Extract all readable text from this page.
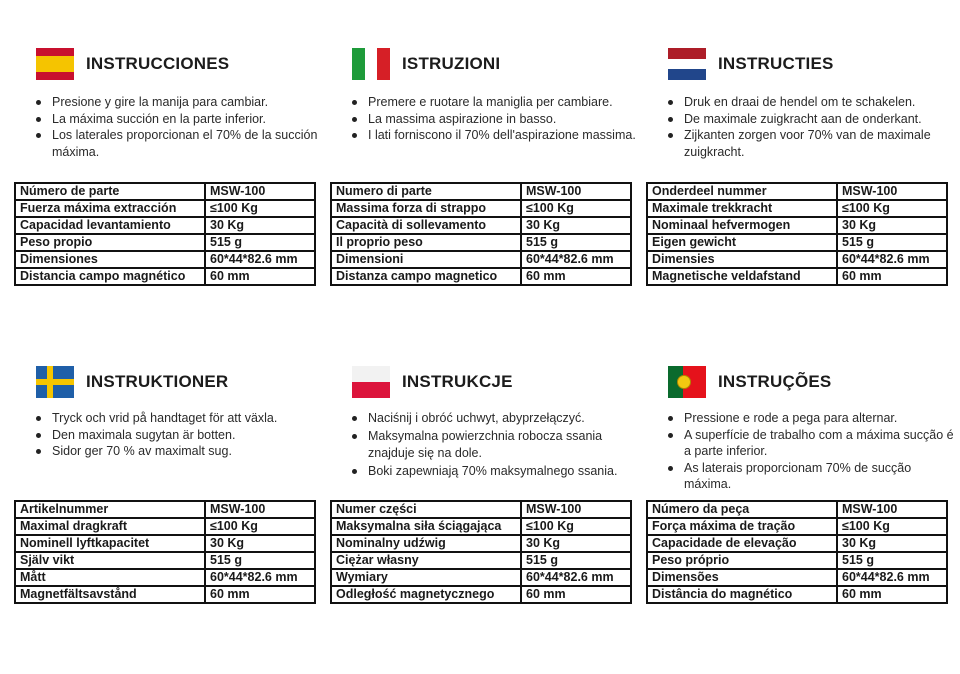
INSTRUCCIONES
Presione y gire la manija para cambiar.
La máxima succión en la parte inferior.
Los laterales proporcionan el 70% de la succión máxima.
Número de parte	MSW-100
Fuerza máxima extracción	≤100 Kg
Capacidad levantamiento	30 Kg
Peso propio	515 g
Dimensiones	60*44*82.6 mm
Distancia campo magnético	60 mm
ISTRUZIONI
Premere e ruotare la maniglia per cambiare.
La massima aspirazione in basso.
I lati forniscono il 70% dell'aspirazione massima.
Numero di parte	MSW-100
Massima forza di strappo	≤100 Kg
Capacità di sollevamento	30 Kg
Il proprio peso	515 g
Dimensioni	60*44*82.6 mm
Distanza campo magnetico	60 mm
INSTRUCTIES
Druk en draai de hendel om te schakelen.
De maximale zuigkracht aan de onderkant.
Zijkanten zorgen voor 70% van de maximale zuigkracht.
Onderdeel nummer	MSW-100
Maximale trekkracht	≤100 Kg
Nominaal hefvermogen	30 Kg
Eigen gewicht	515 g
Dimensies	60*44*82.6 mm
Magnetische veldafstand	60 mm
INSTRUKTIONER
Tryck och vrid på handtaget för att växla.
Den maximala sugytan är botten.
Sidor ger 70 % av maximalt sug.
Artikelnummer	MSW-100
Maximal dragkraft	≤100 Kg
Nominell lyftkapacitet	30 Kg
Själv vikt	515 g
Mått	60*44*82.6 mm
Magnetfältsavstånd	60 mm
INSTRUKCJE
Naciśnij i obróć uchwyt, abyprzełączyć.
Maksymalna powierzchnia robocza ssania znajduje się na dole.
Boki zapewniają 70% maksymalnego ssania.
Numer części	MSW-100
Maksymalna siła ściągająca	≤100 Kg
Nominalny udźwig	30 Kg
Ciężar własny	515 g
Wymiary	60*44*82.6 mm
Odległość magnetycznego	60 mm
INSTRUÇÕES
Pressione e rode a pega para alternar.
A superfície de trabalho com a máxima sucção é a parte inferior.
As laterais proporcionam 70% de sucção máxima.
Número da peça	MSW-100
Força máxima de tração	≤100 Kg
Capacidade de elevação	30 Kg
Peso próprio	515 g
Dimensões	60*44*82.6 mm
Distância do magnético	60 mm
